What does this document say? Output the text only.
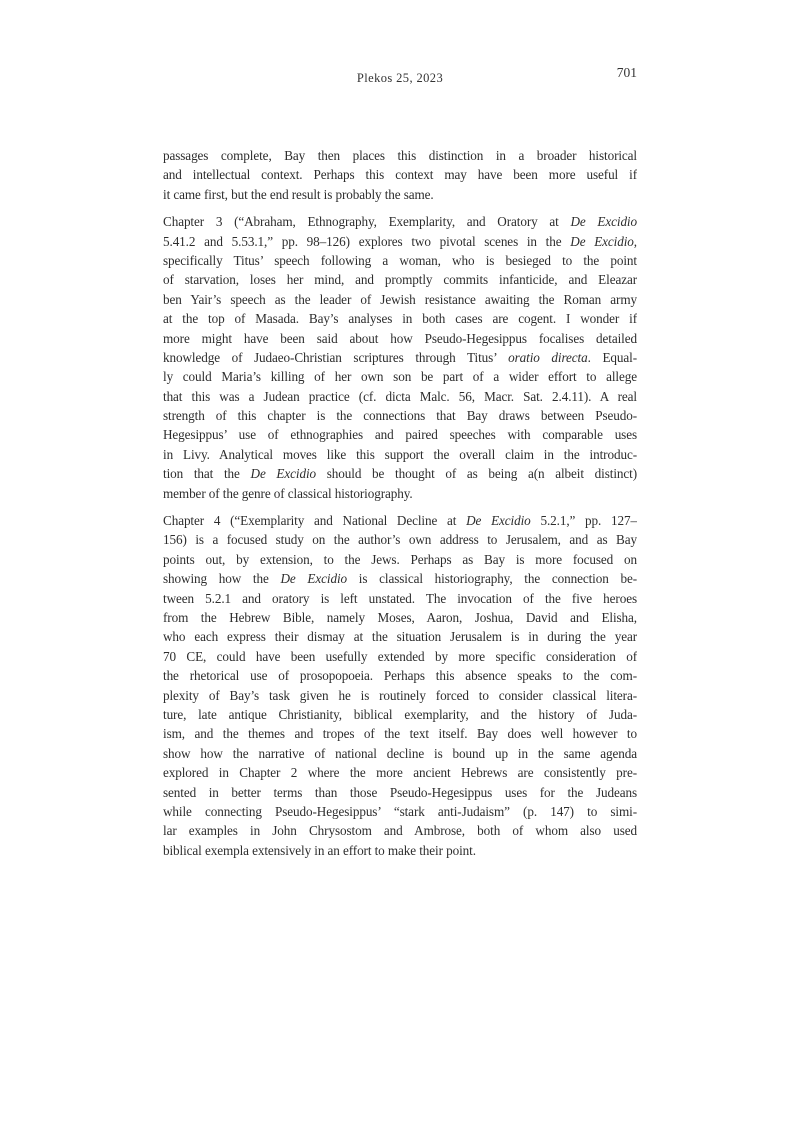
Plekos 25, 2023	701
passages complete, Bay then places this distinction in a broader historical
and intellectual context. Perhaps this context may have been more useful if
it came first, but the end result is probably the same.
Chapter 3 (“Abraham, Ethnography, Exemplarity, and Oratory at De Excidio
5.41.2 and 5.53.1,” pp. 98–126) explores two pivotal scenes in the De Excidio,
specifically Titus’ speech following a woman, who is besieged to the point
of starvation, loses her mind, and promptly commits infanticide, and Eleazar
ben Yair’s speech as the leader of Jewish resistance awaiting the Roman army
at the top of Masada. Bay’s analyses in both cases are cogent. I wonder if
more might have been said about how Pseudo-Hegesippus focalises detailed
knowledge of Judaeo-Christian scriptures through Titus’ oratio directa. Equal-
ly could Maria’s killing of her own son be part of a wider effort to allege
that this was a Judean practice (cf. dicta Malc. 56, Macr. Sat. 2.4.11). A real
strength of this chapter is the connections that Bay draws between Pseudo-
Hegesippus’ use of ethnographies and paired speeches with comparable uses
in Livy. Analytical moves like this support the overall claim in the introduc-
tion that the De Excidio should be thought of as being a(n albeit distinct)
member of the genre of classical historiography.
Chapter 4 (“Exemplarity and National Decline at De Excidio 5.2.1,” pp. 127–
156) is a focused study on the author’s own address to Jerusalem, and as Bay
points out, by extension, to the Jews. Perhaps as Bay is more focused on
showing how the De Excidio is classical historiography, the connection be-
tween 5.2.1 and oratory is left unstated. The invocation of the five heroes
from the Hebrew Bible, namely Moses, Aaron, Joshua, David and Elisha,
who each express their dismay at the situation Jerusalem is in during the year
70 CE, could have been usefully extended by more specific consideration of
the rhetorical use of prosopopoeia. Perhaps this absence speaks to the com-
plexity of Bay’s task given he is routinely forced to consider classical litera-
ture, late antique Christianity, biblical exemplarity, and the history of Juda-
ism, and the themes and tropes of the text itself. Bay does well however to
show how the narrative of national decline is bound up in the same agenda
explored in Chapter 2 where the more ancient Hebrews are consistently pre-
sented in better terms than those Pseudo-Hegesippus uses for the Judeans
while connecting Pseudo-Hegesippus’ “stark anti-Judaism” (p. 147) to simi-
lar examples in John Chrysostom and Ambrose, both of whom also used
biblical exempla extensively in an effort to make their point.
